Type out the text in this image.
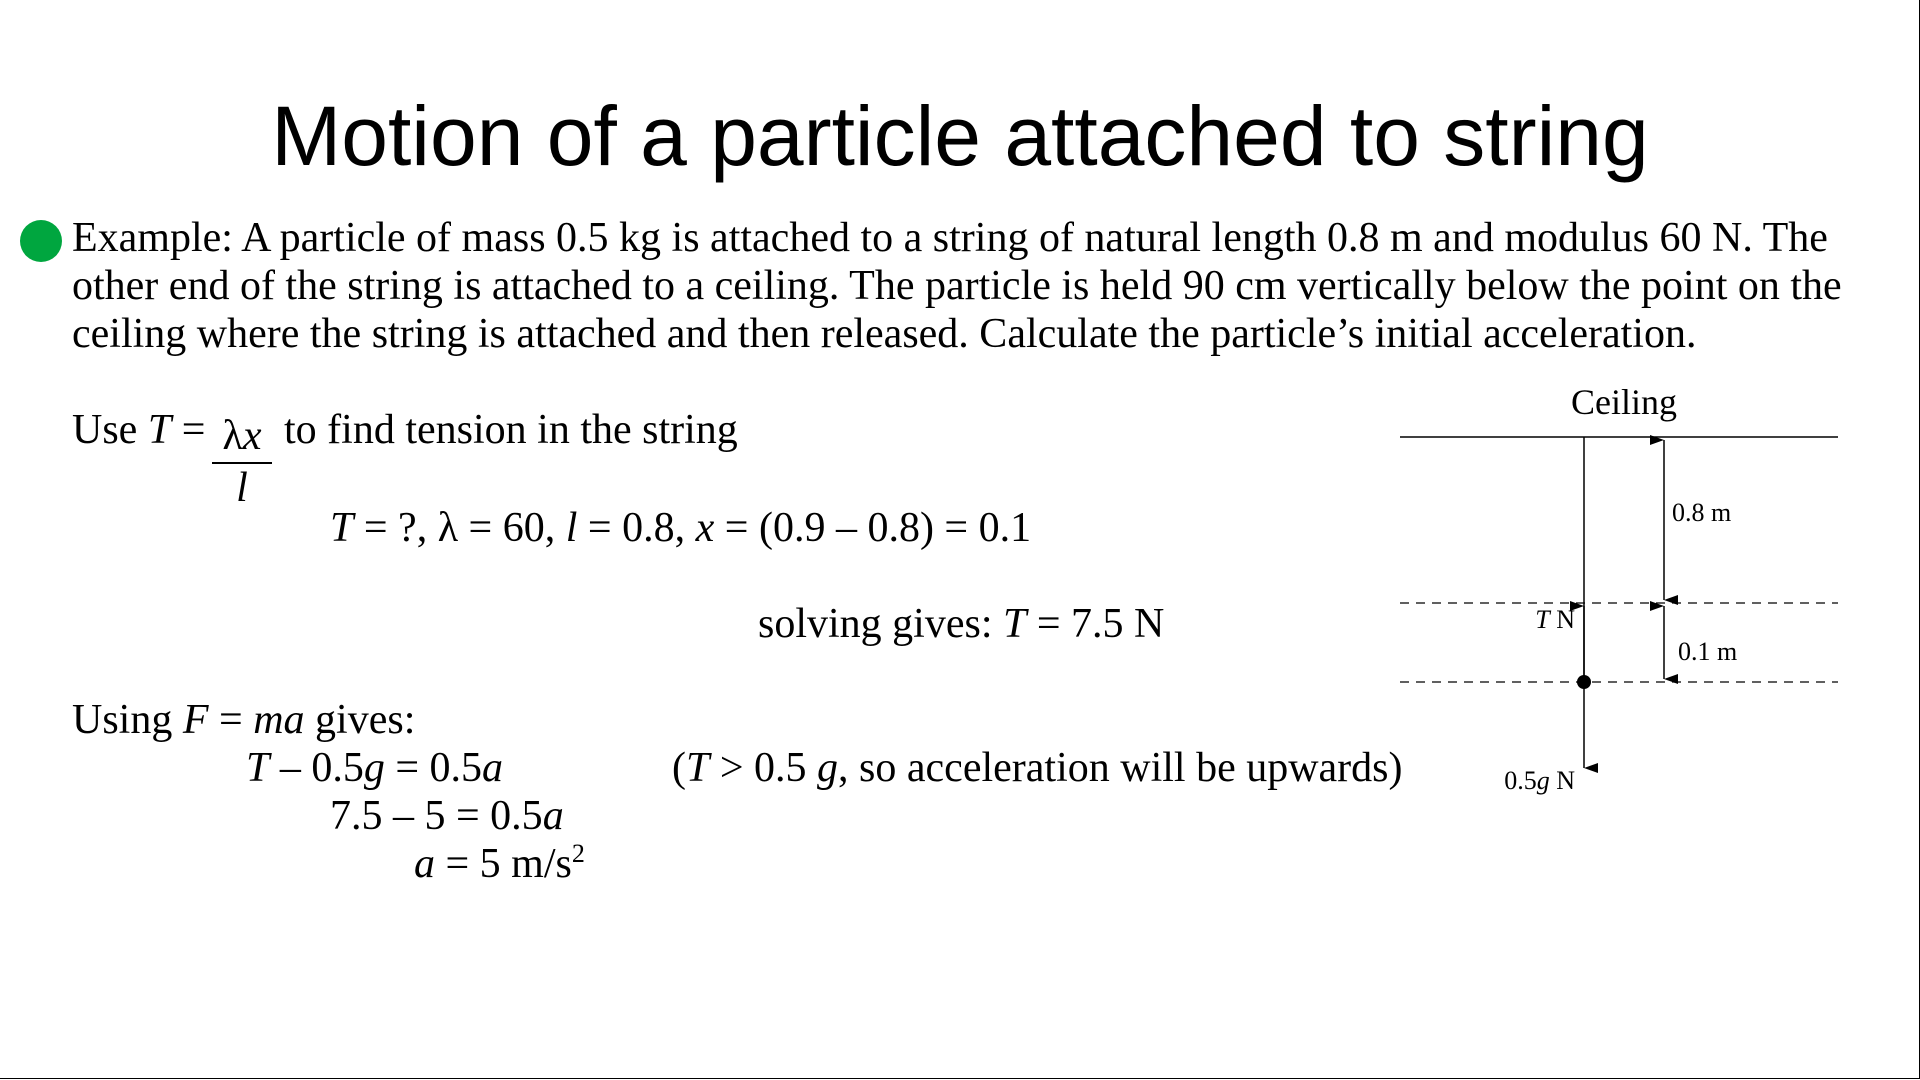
Motion of a particle attached to string
Example: A particle of mass 0.5 kg is attached to a string of natural length 0.8 m and modulus 60 N. The other end of the string is attached to a ceiling. The particle is held 90 cm vertically below the point on the ceiling where the string is attached and then released. Calculate the particle’s initial acceleration.
Use $T = \frac{\lambda x}{l}$ to find tension in the string
T = ?, λ = 60, l = 0.8, x = (0.9 – 0.8) = 0.1
solving gives: T = 7.5 N
Using F = ma gives:
T – 0.5g = 0.5a	(T > 0.5 g, so acceleration will be upwards)
7.5 – 5 = 0.5a
a = 5 $m/s^2$
Ceiling
0.8 m
0.1 m
T N
0.5g N
